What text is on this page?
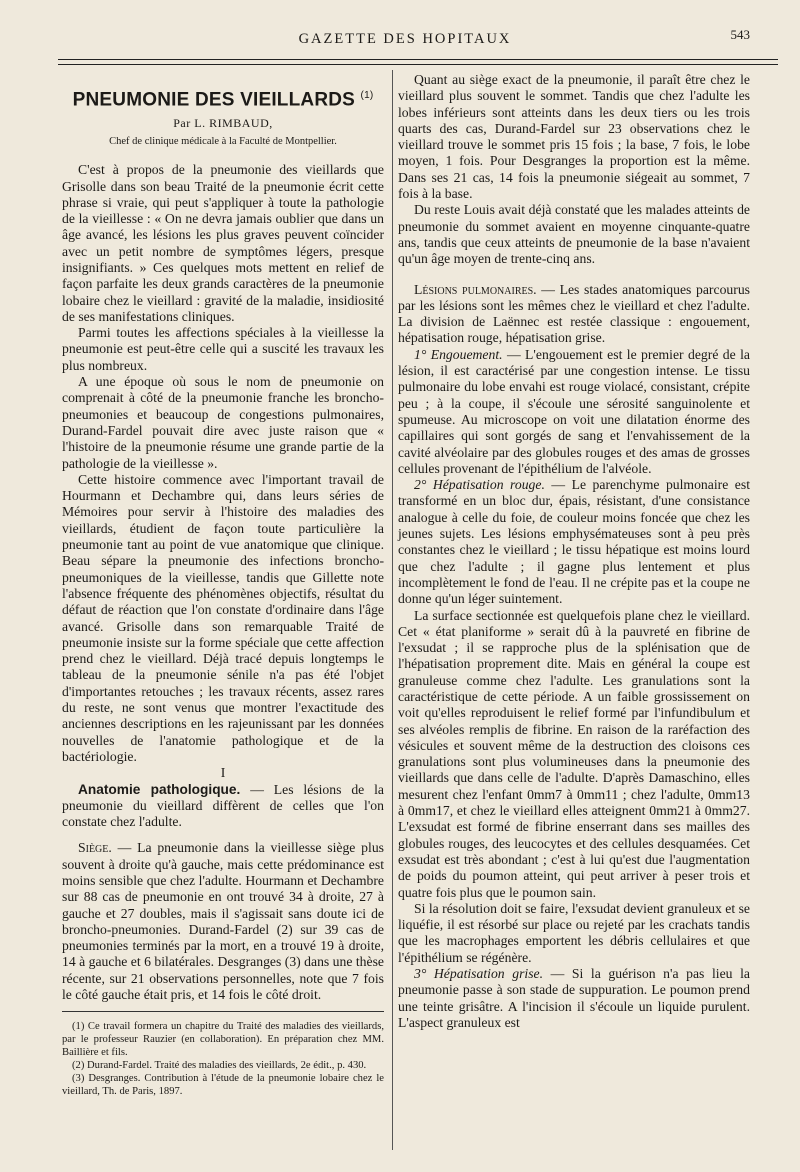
GAZETTE DES HOPITAUX	543
PNEUMONIE DES VIEILLARDS $^{(1)}$
Par L. RIMBAUD,
Chef de clinique médicale à la Faculté de Montpellier.

C'est à propos de la pneumonie des vieillards que Grisolle dans son beau Traité de la pneumonie écrit cette phrase si vraie, qui peut s'appliquer à toute la pathologie de la vieillesse : « On ne devra jamais oublier que dans un âge avancé, les lésions les plus graves peuvent coïncider avec un petit nombre de symptômes légers, presque insignifiants. » Ces quelques mots mettent en relief de façon parfaite les deux grands caractères de la pneumonie lobaire chez le vieillard : gravité de la maladie, insidiosité de ses manifestations cliniques.

Parmi toutes les affections spéciales à la vieillesse la pneumonie est peut-être celle qui a suscité les travaux les plus nombreux.

A une époque où sous le nom de pneumonie on comprenait à côté de la pneumonie franche les broncho-pneumonies et beaucoup de congestions pulmonaires, Durand-Fardel pouvait dire avec juste raison que « l'histoire de la pneumonie résume une grande partie de la pathologie de la vieillesse ».

Cette histoire commence avec l'important travail de Hourmann et Dechambre qui, dans leurs séries de Mémoires pour servir à l'histoire des maladies des vieillards, étudient de façon toute particulière la pneumonie tant au point de vue anatomique que clinique. Beau sépare la pneumonie des infections broncho-pneumoniques de la vieillesse, tandis que Gillette note l'absence fréquente des phénomènes objectifs, résultat du défaut de réaction que l'on constate d'ordinaire dans l'âge avancé. Grisolle dans son remarquable Traité de pneumonie insiste sur la forme spéciale que cette affection prend chez le vieillard. Déjà tracé depuis longtemps le tableau de la pneumonie sénile n'a pas été l'objet d'importantes retouches ; les travaux récents, assez rares du reste, ne sont venus que montrer l'exactitude des anciennes descriptions en les rajeunissant par les données nouvelles de l'anatomie pathologique et de la bactériologie.

I

Anatomie pathologique. — Les lésions de la pneumonie du vieillard diffèrent de celles que l'on constate chez l'adulte.

Siège. — La pneumonie dans la vieillesse siège plus souvent à droite qu'à gauche, mais cette prédominance est moins sensible que chez l'adulte. Hourmann et Dechambre sur 88 cas de pneumonie en ont trouvé 34 à droite, 27 à gauche et 27 doubles, mais il s'agissait sans doute ici de broncho-pneumonies. Durand-Fardel (2) sur 39 cas de pneumonies terminés par la mort, en a trouvé 19 à droite, 14 à gauche et 6 bilatérales. Desgranges (3) dans une thèse récente, sur 21 observations personnelles, note que 7 fois le côté gauche était pris, et 14 fois le côté droit.

(1) Ce travail formera un chapitre du Traité des maladies des vieillards, par le professeur Rauzier (en collaboration). En préparation chez MM. Baillière et fils.

(2) Durand-Fardel. Traité des maladies des vieillards, 2e édit., p. 430.

(3) Desgranges. Contribution à l'étude de la pneumonie lobaire chez le vieillard, Th. de Paris, 1897.

Quant au siège exact de la pneumonie, il paraît être chez le vieillard plus souvent le sommet. Tandis que chez l'adulte les lobes inférieurs sont atteints dans les deux tiers ou les trois quarts des cas, Durand-Fardel sur 23 observations chez le vieillard trouve le sommet pris 15 fois ; la base, 7 fois, le lobe moyen, 1 fois. Pour Desgranges la proportion est la même. Dans ses 21 cas, 14 fois la pneumonie siégeait au sommet, 7 fois à la base.

Du reste Louis avait déjà constaté que les malades atteints de pneumonie du sommet avaient en moyenne cinquante-quatre ans, tandis que ceux atteints de pneumonie de la base n'avaient qu'un âge moyen de trente-cinq ans.

Lésions pulmonaires. — Les stades anatomiques parcourus par les lésions sont les mêmes chez le vieillard et chez l'adulte. La division de Laënnec est restée classique : engouement, hépatisation rouge, hépatisation grise.

1° Engouement. — L'engouement est le premier degré de la lésion, il est caractérisé par une congestion intense. Le tissu pulmonaire du lobe envahi est rouge violacé, consistant, crépite peu ; à la coupe, il s'écoule une sérosité sanguinolente et spumeuse. Au microscope on voit une dilatation énorme des capillaires qui sont gorgés de sang et l'envahissement de la cavité alvéolaire par des globules rouges et des amas de grosses cellules provenant de l'épithélium de l'alvéole.

2° Hépatisation rouge. — Le parenchyme pulmonaire est transformé en un bloc dur, épais, résistant, d'une consistance analogue à celle du foie, de couleur moins foncée que chez les jeunes sujets. Les lésions emphysémateuses sont à peu près constantes chez le vieillard ; le tissu hépatique est moins lourd que chez l'adulte ; il gagne plus lentement et plus incomplètement le fond de l'eau. Il ne crépite pas et la coupe ne donne qu'un léger suintement.

La surface sectionnée est quelquefois plane chez le vieillard. Cet « état planiforme » serait dû à la pauvreté en fibrine de l'exsudat ; il se rapproche plus de la splénisation que de l'hépatisation proprement dite. Mais en général la coupe est granuleuse comme chez l'adulte. Les granulations sont la caractéristique de cette période. A un faible grossissement on voit qu'elles reproduisent le relief formé par l'infundibulum et ses alvéoles remplis de fibrine. En raison de la raréfaction des vésicules et souvent même de la destruction des cloisons ces granulations sont plus volumineuses dans la pneumonie des vieillards que dans celle de l'adulte. D'après Damaschino, elles mesurent chez l'enfant 0mm7 à 0mm11 ; chez l'adulte, 0mm13 à 0mm17, et chez le vieillard elles atteignent 0mm21 à 0mm27. L'exsudat est formé de fibrine enserrant dans ses mailles des globules rouges, des leucocytes et des cellules desquamées. Cet exsudat est très abondant ; c'est à lui qu'est due l'augmentation de poids du poumon atteint, qui peut arriver à peser trois et quatre fois plus que le poumon sain.

Si la résolution doit se faire, l'exsudat devient granuleux et se liquéfie, il est résorbé sur place ou rejeté par les crachats tandis que les macrophages emportent les débris cellulaires et que l'épithélium se régénère.

3° Hépatisation grise. — Si la guérison n'a pas lieu la pneumonie passe à son stade de suppuration. Le poumon prend une teinte grisâtre. A l'incision il s'écoule un liquide purulent. L'aspect granuleux est
